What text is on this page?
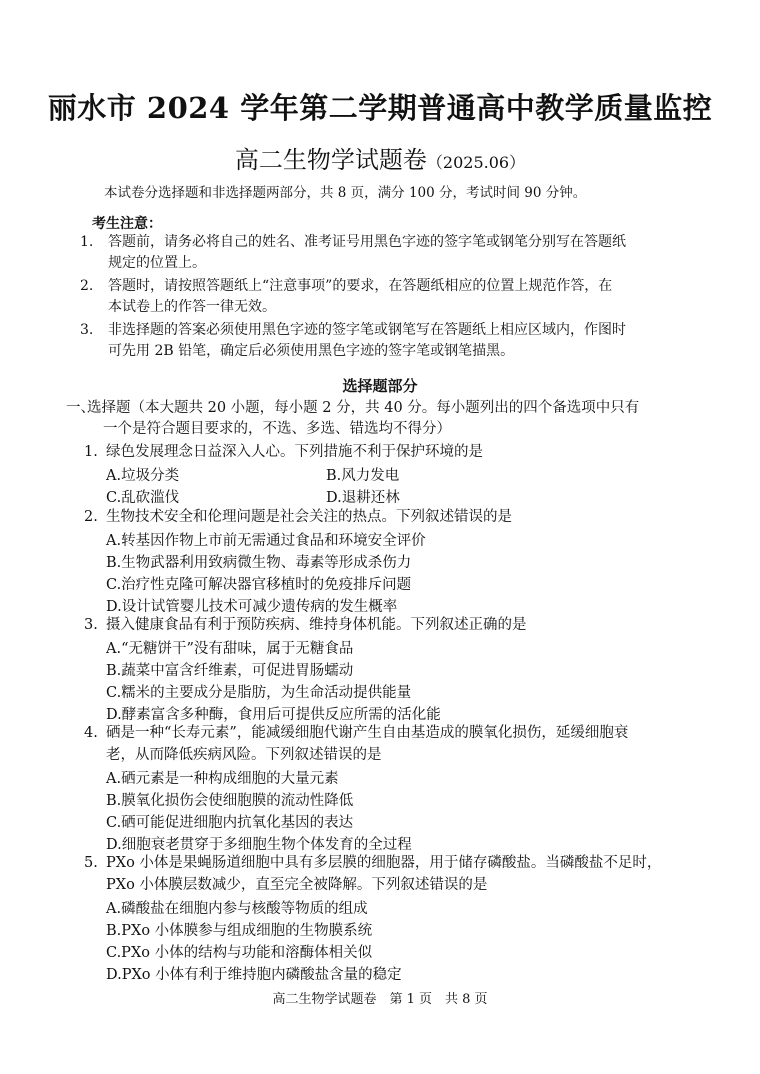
丽水市 2024 学年第二学期普通高中教学质量监控
高二生物学试题卷（2025.06）
本试卷分选择题和非选择题两部分，共 8 页，满分 100 分，考试时间 90 分钟。
考生注意：
1.	答题前，请务必将自己的姓名、准考证号用黑色字迹的签字笔或钢笔分别写在答题纸
规定的位置上。
2.	答题时，请按照答题纸上“注意事项”的要求，在答题纸相应的位置上规范作答，在
本试卷上的作答一律无效。
3.	非选择题的答案必须使用黑色字迹的签字笔或钢笔写在答题纸上相应区域内，作图时
可先用 2B 铅笔，确定后必须使用黑色字迹的签字笔或钢笔描黑。
选择题部分
一、
选择题（本大题共 20 小题，每小题 2 分，共 40 分。每小题列出的四个备选项中只有
一个是符合题目要求的，不选、多选、错选均不得分）
1. 绿色发展理念日益深入人心。下列措施不利于保护环境的是
A.垃圾分类	B.风力发电
C.乱砍滥伐	D.退耕还林
2. 生物技术安全和伦理问题是社会关注的热点。下列叙述错误的是
A.转基因作物上市前无需通过食品和环境安全评价
B.生物武器利用致病微生物、毒素等形成杀伤力
C.治疗性克隆可解决器官移植时的免疫排斥问题
D.设计试管婴儿技术可减少遗传病的发生概率
3. 摄入健康食品有利于预防疾病、维持身体机能。下列叙述正确的是
A.“无糖饼干”没有甜味，属于无糖食品
B.蔬菜中富含纤维素，可促进胃肠蠕动
C.糯米的主要成分是脂肪，为生命活动提供能量
D.酵素富含多种酶，食用后可提供反应所需的活化能
4. 硒是一种“长寿元素”，能减缓细胞代谢产生自由基造成的膜氧化损伤，延缓细胞衰
老，从而降低疾病风险。下列叙述错误的是
A.硒元素是一种构成细胞的大量元素
B.膜氧化损伤会使细胞膜的流动性降低
C.硒可能促进细胞内抗氧化基因的表达
D.细胞衰老贯穿于多细胞生物个体发育的全过程
5. PXo 小体是果蝇肠道细胞中具有多层膜的细胞器，用于储存磷酸盐。当磷酸盐不足时，
PXo 小体膜层数减少，直至完全被降解。下列叙述错误的是
A.磷酸盐在细胞内参与核酸等物质的组成
B.PXo 小体膜参与组成细胞的生物膜系统
C.PXo 小体的结构与功能和溶酶体相关似
D.PXo 小体有利于维持胞内磷酸盐含量的稳定
高二生物学试题卷　第 1 页　共 8 页
